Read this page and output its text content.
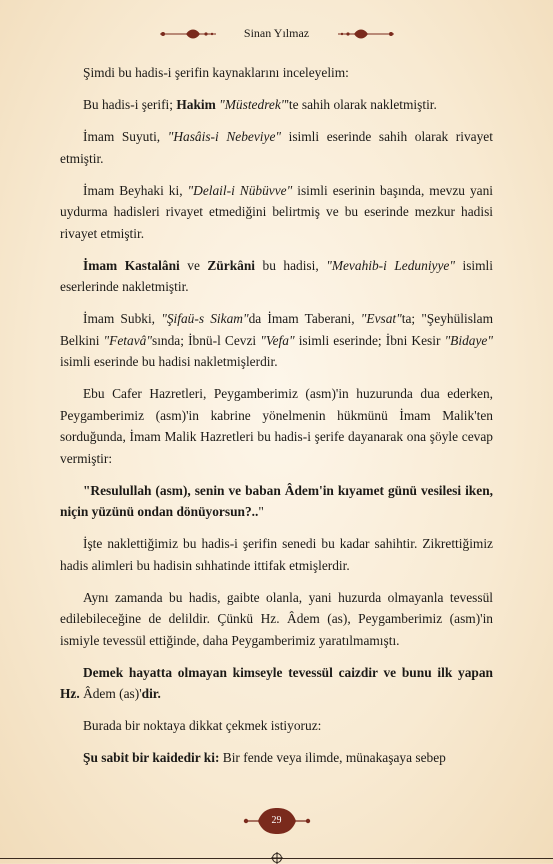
Sinan Yılmaz

Şimdi bu hadis-i şerifin kaynaklarını inceleyelim:

Bu hadis-i şerifi; Hakim "Müstedrek"'te sahih olarak nakletmiştir.

İmam Suyuti, "Hasâis-i Nebeviye" isimli eserinde sahih olarak rivayet etmiştir.

İmam Beyhaki ki, "Delail-i Nübüvve" isimli eserinin başında, mevzu yani uydurma hadisleri rivayet etmediğini belirtmiş ve bu eserinde mezkur hadisi rivayet etmiştir.

İmam Kastalâni ve Zürkâni bu hadisi, "Mevahib-i Leduniyye" isimli eserlerinde nakletmiştir.

İmam Subki, "Şifaü-s Sikam"da İmam Taberani, "Evsat"ta; "Şeyhülislam Belkini "Fetavâ"sında; İbnü-l Cevzi "Vefa" isimli eserinde; İbni Kesir "Bidaye" isimli eserinde bu hadisi nakletmişlerdir.

Ebu Cafer Hazretleri, Peygamberimiz (asm)'in huzurunda dua ederken, Peygamberimiz (asm)'in kabrine yönelmenin hükmünü İmam Malik'ten sorduğunda, İmam Malik Hazretleri bu hadis-i şerife dayanarak ona şöyle cevap vermiştir:

"Resulullah (asm), senin ve baban Âdem'in kıyamet günü vesilesi iken, niçin yüzünü ondan dönüyorsun?.."

İşte naklettiğimiz bu hadis-i şerifin senedi bu kadar sahihtir. Zikrettiğimiz hadis alimleri bu hadisin sıhhatinde ittifak etmişlerdir.

Aynı zamanda bu hadis, gaibte olanla, yani huzurda olmayanla tevessül edilebileceğine de delildir. Çünkü Hz. Âdem (as), Peygamberimiz (asm)'in ismiyle tevessül ettiğinde, daha Peygamberimiz yaratılmamıştı.

Demek hayatta olmayan kimseyle tevessül caizdir ve bunu ilk yapan Hz. Âdem (as)'dir.

Burada bir noktaya dikkat çekmek istiyoruz:

Şu sabit bir kaidedir ki: Bir fende veya ilimde, münakaşaya sebep

29
